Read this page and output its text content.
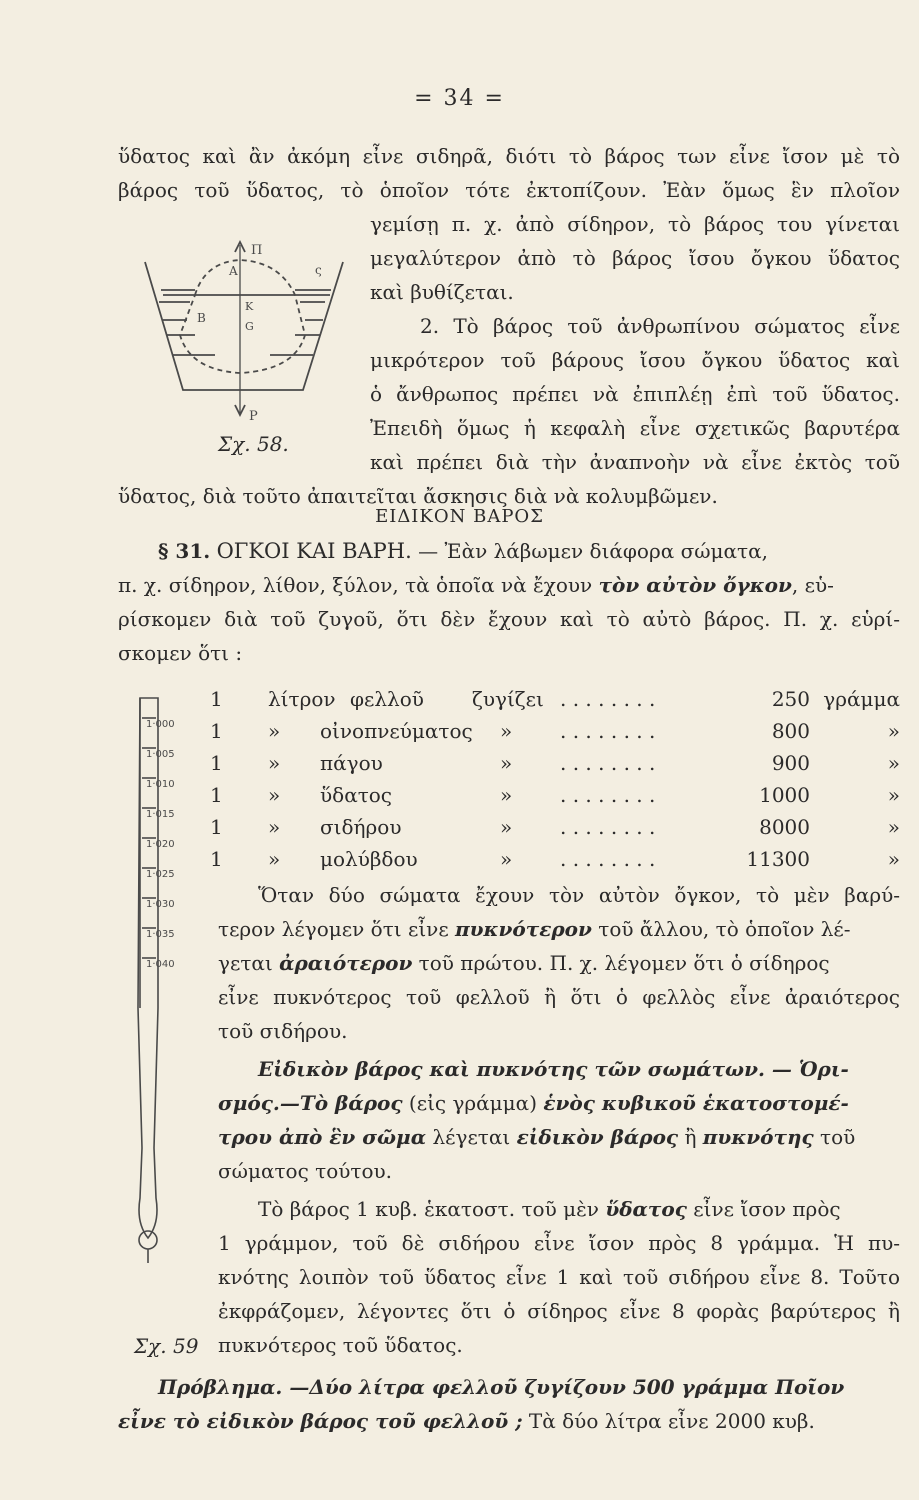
= 34 =
ὕδατος καὶ ἂν ἀκόμη εἶνε σιδηρᾶ, διότι τὸ βάρος των εἶνε ἴσον μὲ τὸ
βάρος τοῦ ὕδατος, τὸ ὁποῖον τότε ἐκτοπίζουν. Ἐὰν ὅμως ἓν πλοῖον
γεμίσῃ π. χ. ἀπὸ σίδηρον, τὸ βάρος του γίνεται
μεγαλύτερον ἀπὸ τὸ βάρος ἴσου ὄγκου ὕδατος
καὶ βυθίζεται.
2. Τὸ βάρος τοῦ ἀνθρωπίνου σώματος εἶνε
μικρότερον τοῦ βάρους ἴσου ὄγκου ὕδατος καὶ
ὁ ἄνθρωπος πρέπει νὰ ἐπιπλέῃ ἐπὶ τοῦ ὕδατος.
Ἐπειδὴ ὅμως ἡ κεφαλὴ εἶνε σχετικῶς βαρυτέρα
καὶ πρέπει διὰ τὴν ἀναπνοὴν νὰ εἶνε ἐκτὸς τοῦ
ὕδατος, διὰ τοῦτο ἀπαιτεῖται ἄσκησις διὰ νὰ κολυμβῶμεν.
Π
A
B
K
G
ς
P
Σχ. 58.
ΕΙΔΙΚΟΝ ΒΑΡΟΣ
§ 31. ΟΓΚΟΙ ΚΑΙ ΒΑΡΗ. — Ἐὰν λάβωμεν διάφορα σώματα,
π. χ. σίδηρον, λίθον, ξύλον, τὰ ὁποῖα νὰ ἔχουν τὸν αὐτὸν ὄγκον, εὑ-
ρίσκομεν διὰ τοῦ ζυγοῦ, ὅτι δὲν ἔχουν καὶ τὸ αὐτὸ βάρος. Π. χ. εὑρί-
σκομεν ὅτι :
1 λίτρον φελλοῦ ζυγίζει . . . . . . . .	250 γράμμα
1 » οἰνοπνεύματος » . . . . . . . .	800	»
1 » πάγου	» . . . . . . . .	900	»
1 » ὕδατος	» . . . . . . . .	1000	»
1 » σιδήρου	» . . . . . . . .	8000	»
1 » μολύβδου	» . . . . . . . .	11300	»
Ὅταν δύο σώματα ἔχουν τὸν αὐτὸν ὄγκον, τὸ μὲν βαρύ-
τερον λέγομεν ὅτι εἶνε πυκνότερον τοῦ ἄλλου, τὸ ὁποῖον λέ-
γεται ἀραιότερον τοῦ πρώτου. Π. χ. λέγομεν ὅτι ὁ σίδηρος
εἶνε πυκνότερος τοῦ φελλοῦ ἢ ὅτι ὁ φελλὸς εἶνε ἀραιότερος
τοῦ σιδήρου.
Εἰδικὸν βάρος καὶ πυκνότης τῶν σωμάτων. — Ὁρι-
σμός.—Τὸ βάρος (εἰς γράμμα) ἑνὸς κυβικοῦ ἑκατοστομέ-
τρου ἀπὸ ἓν σῶμα λέγεται εἰδικὸν βάρος ἢ πυκνότης τοῦ
σώματος τούτου.
Τὸ βάρος 1 κυβ. ἑκατοστ. τοῦ μὲν ὕδατος εἶνε ἴσον πρὸς
1 γράμμον, τοῦ δὲ σιδήρου εἶνε ἴσον πρὸς 8 γράμμα. Ἡ πυ-
κνότης λοιπὸν τοῦ ὕδατος εἶνε 1 καὶ τοῦ σιδήρου εἶνε 8. Τοῦτο
ἐκφράζομεν, λέγοντες ὅτι ὁ σίδηρος εἶνε 8 φορὰς βαρύτερος ἢ
πυκνότερος τοῦ ὕδατος.
1·000
1·005
1·010
1·015
1·020
1·025
1·030
1·035
1·040
Σχ. 59
Πρόβλημα. —Δύο λίτρα φελλοῦ ζυγίζουν 500 γράμμα Ποῖον
εἶνε τὸ εἰδικὸν βάρος τοῦ φελλοῦ ; Τὰ δύο λίτρα εἶνε 2000 κυβ.
